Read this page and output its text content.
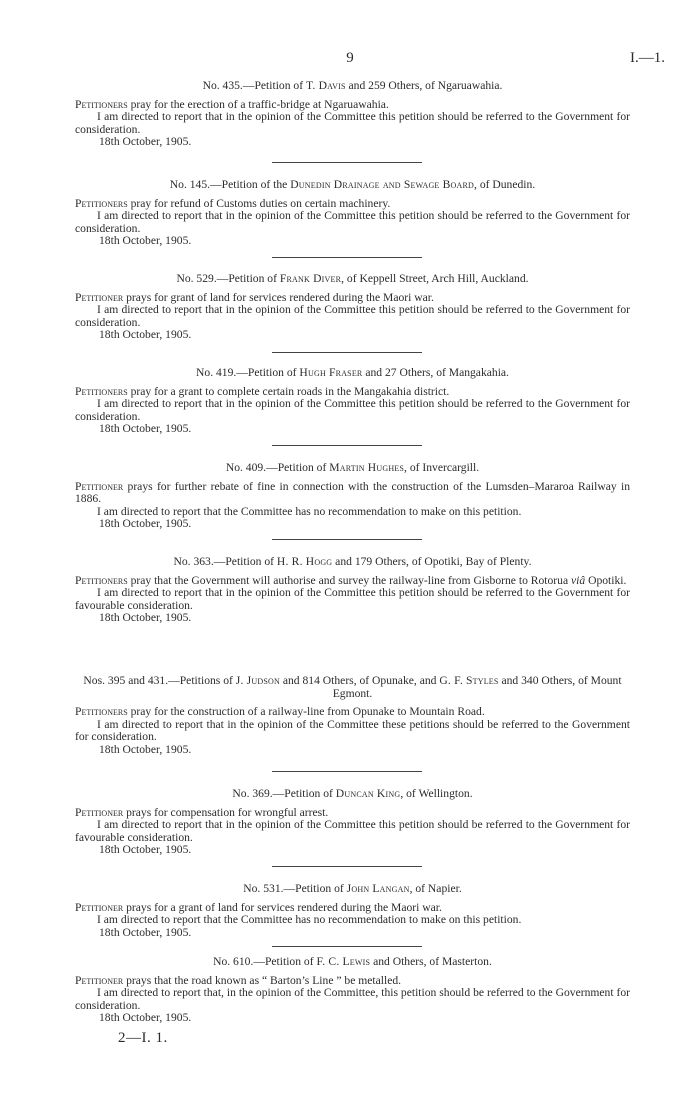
9	I.—1.

No. 435.—Petition of T. Davis and 259 Others, of Ngaruawahia.

Petitioners pray for the erection of a traffic-bridge at Ngaruawahia.

I am directed to report that in the opinion of the Committee this petition should be referred to the Government for consideration.

18th October, 1905.

No. 145.—Petition of the Dunedin Drainage and Sewage Board, of Dunedin.

Petitioners pray for refund of Customs duties on certain machinery.

I am directed to report that in the opinion of the Committee this petition should be referred to the Government for consideration.

18th October, 1905.

No. 529.—Petition of Frank Diver, of Keppell Street, Arch Hill, Auckland.

Petitioner prays for grant of land for services rendered during the Maori war.

I am directed to report that in the opinion of the Committee this petition should be referred to the Government for consideration.

18th October, 1905.

No. 419.—Petition of Hugh Fraser and 27 Others, of Mangakahia.

Petitioners pray for a grant to complete certain roads in the Mangakahia district.

I am directed to report that in the opinion of the Committee this petition should be referred to the Government for consideration.

18th October, 1905.

No. 409.—Petition of Martin Hughes, of Invercargill.

Petitioner prays for further rebate of fine in connection with the construction of the Lumsden–Mararoa Railway in 1886.

I am directed to report that the Committee has no recommendation to make on this petition.

18th October, 1905.

No. 363.—Petition of H. R. Hogg and 179 Others, of Opotiki, Bay of Plenty.

Petitioners pray that the Government will authorise and survey the railway-line from Gisborne to Rotorua viâ Opotiki.

I am directed to report that in the opinion of the Committee this petition should be referred to the Government for favourable consideration.

18th October, 1905.

Nos. 395 and 431.—Petitions of J. Judson and 814 Others, of Opunake, and G. F. Styles and 340 Others, of Mount Egmont.

Petitioners pray for the construction of a railway-line from Opunake to Mountain Road.

I am directed to report that in the opinion of the Committee these petitions should be referred to the Government for consideration.

18th October, 1905.

No. 369.—Petition of Duncan King, of Wellington.

Petitioner prays for compensation for wrongful arrest.

I am directed to report that in the opinion of the Committee this petition should be referred to the Government for favourable consideration.

18th October, 1905.

No. 531.—Petition of John Langan, of Napier.

Petitioner prays for a grant of land for services rendered during the Maori war.

I am directed to report that the Committee has no recommendation to make on this petition.

18th October, 1905.

No. 610.—Petition of F. C. Lewis and Others, of Masterton.

Petitioner prays that the road known as “ Barton’s Line ” be metalled.

I am directed to report that, in the opinion of the Committee, this petition should be referred to the Government for consideration.

18th October, 1905.

2—I. 1.
